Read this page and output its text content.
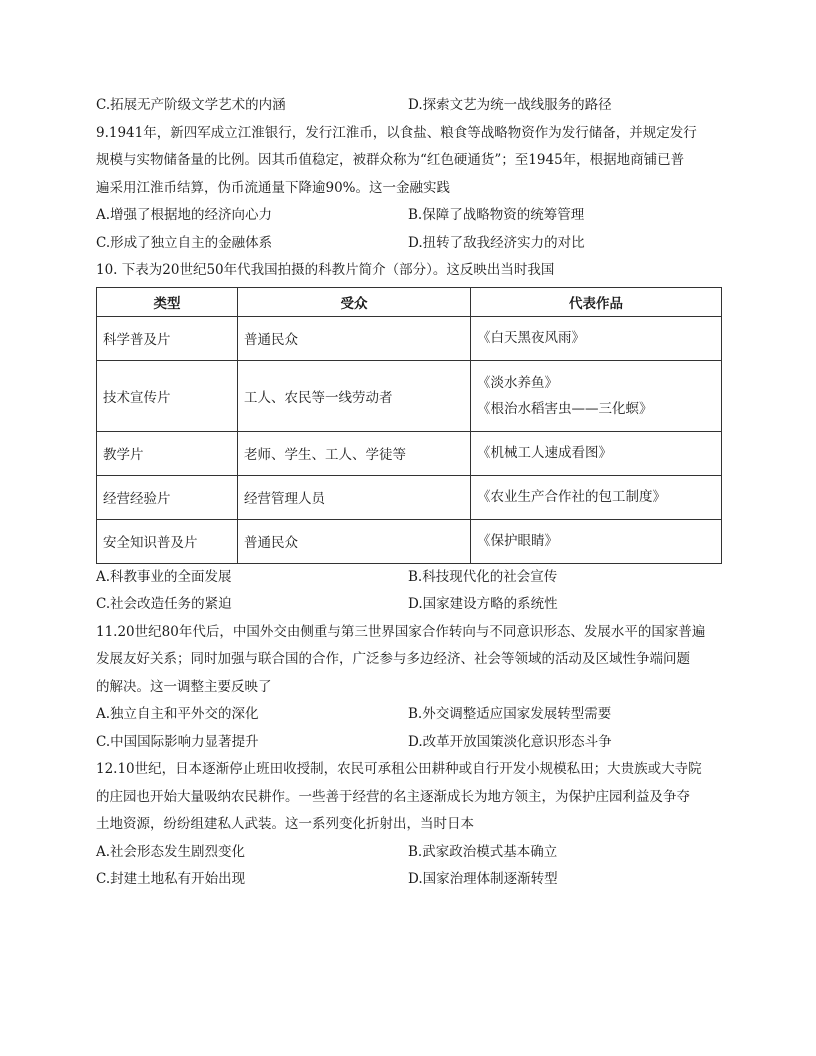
C.拓展无产阶级文学艺术的内涵	D.探索文艺为统一战线服务的路径
9.1941年，新四军成立江淮银行，发行江淮币，以食盐、粮食等战略物资作为发行储备，并规定发行
规模与实物储备量的比例。因其币值稳定，被群众称为“红色硬通货”；至1945年，根据地商铺已普
遍采用江淮币结算，伪币流通量下降逾90%。这一金融实践
A.增强了根据地的经济向心力	B.保障了战略物资的统筹管理
C.形成了独立自主的金融体系	D.扭转了敌我经济实力的对比
10. 下表为20世纪50年代我国拍摄的科教片简介（部分）。这反映出当时我国
类型	受众	代表作品
科学普及片	普通民众	《白天黑夜风雨》

技术宣传片	工人、农民等一线劳动者	《淡水养鱼》
《根治水稻害虫——三化螟》

教学片	老师、学生、工人、学徒等	《机械工人速成看图》

经营经验片	经营管理人员	《农业生产合作社的包工制度》

安全知识普及片	普通民众	《保护眼睛》
A.科教事业的全面发展	B.科技现代化的社会宣传
C.社会改造任务的紧迫	D.国家建设方略的系统性
11.20世纪80年代后，中国外交由侧重与第三世界国家合作转向与不同意识形态、发展水平的国家普遍
发展友好关系；同时加强与联合国的合作，广泛参与多边经济、社会等领域的活动及区域性争端问题
的解决。这一调整主要反映了
A.独立自主和平外交的深化	B.外交调整适应国家发展转型需要
C.中国国际影响力显著提升	D.改革开放国策淡化意识形态斗争
12.10世纪，日本逐渐停止班田收授制，农民可承租公田耕种或自行开发小规模私田；大贵族或大寺院
的庄园也开始大量吸纳农民耕作。一些善于经营的名主逐渐成长为地方领主，为保护庄园利益及争夺
土地资源，纷纷组建私人武装。这一系列变化折射出，当时日本
A.社会形态发生剧烈变化	B.武家政治模式基本确立
C.封建土地私有开始出现	D.国家治理体制逐渐转型
